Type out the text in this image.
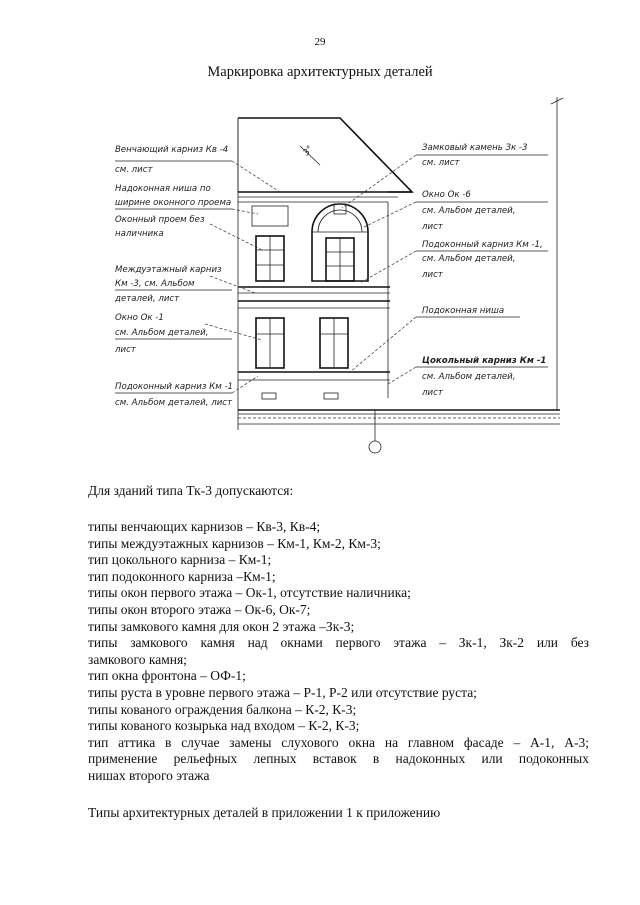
29
Маркировка архитектурных деталей
3°
Венчающий карниз Кв -4
см. лист
Надоконная ниша по
ширине оконного проема
Оконный проем без
наличника
Междуэтажный карниз
Км -3, см. Альбом
деталей, лист
Окно Ок -1
см. Альбом деталей,
лист
Подоконный карниз Км -1
см. Альбом деталей, лист
Замковый камень Зк -3
см. лист
Окно Ок -6
см. Альбом деталей,
лист
Подоконный карниз Км -1,
см. Альбом деталей,
лист
Подоконная ниша
Цокольный карниз Км -1
см. Альбом деталей,
лист
Для зданий типа Тк-3 допускаются:
типы венчающих карнизов – Кв-3, Кв-4;
типы междуэтажных карнизов – Км-1, Км-2, Км-3;
тип цокольного карниза – Км-1;
тип подоконного карниза –Км-1;
типы окон первого этажа – Ок-1, отсутствие наличника;
типы окон второго этажа – Ок-6, Ок-7;
типы замкового камня для окон 2 этажа –Зк-3;
типы замкового камня над окнами первого этажа – Зк-1, Зк-2 или без
замкового камня;
тип окна фронтона – ОФ-1;
типы руста в уровне первого этажа – Р-1, Р-2 или отсутствие руста;
типы кованого ограждения балкона – К-2, К-3;
типы кованого козырька над входом – К-2, К-3;
тип аттика в случае замены слухового окна на главном фасаде – А-1, А-3;
применение рельефных лепных вставок в надоконных или подоконных
нишах второго этажа
Типы архитектурных деталей в приложении 1 к приложению
